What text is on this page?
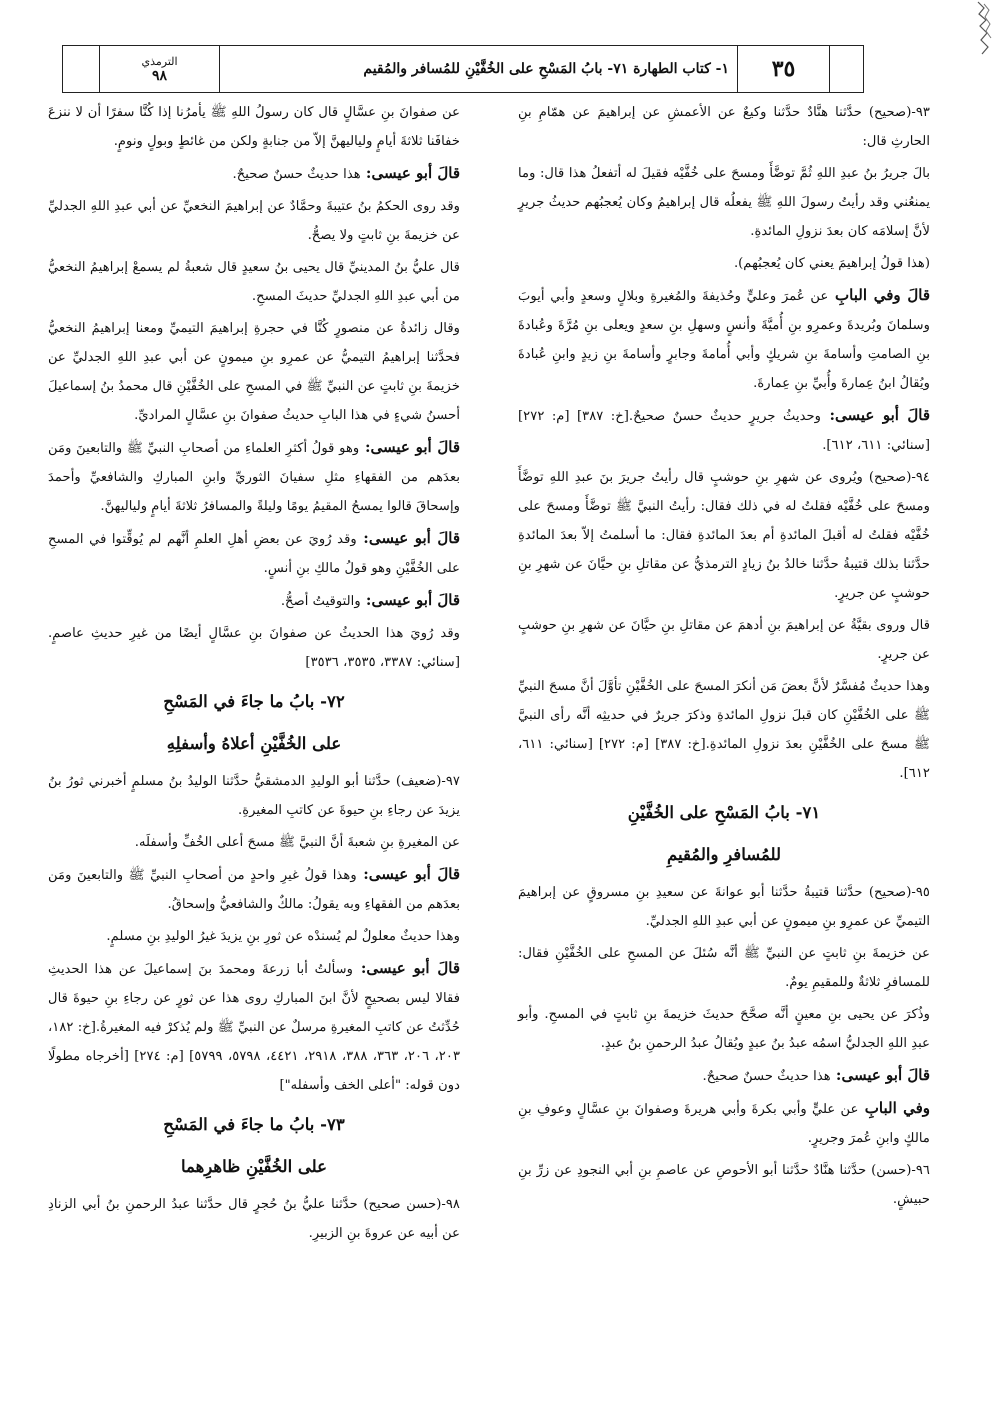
٣٥
١- كتاب الطهارة ٧١- بابُ المَسْحِ على الخُفَّيْنِ للمُسافر والمُقيم
الترمذي
٩٨

٩٣-(صحيح) حدَّثنا هنَّادٌ حدَّثنا وكيعٌ عن الأعمشِ عن إبراهيمَ عن همّامِ بنِ الحارثِ قال:

بالَ جريرُ بنُ عبدِ اللهِ ثُمَّ توضَّأَ ومسحَ على خُفَّيْه فقيلَ له أتفعلُ هذا قال: وما يمنعُني وقد رأيتُ رسولَ اللهِ ﷺ يفعلُه قال إبراهيمُ وكان يُعجبُهم حديثُ جريرٍ لأنَّ إسلامَه كان بعدَ نزولِ المائدةِ.

(هذا قولُ إبراهيمَ يعني كان يُعجبُهم).

قالَ وفي البابِ عن عُمرَ وعليٍّ وحُذيفةَ والمُغيرةِ وبلالٍ وسعدٍ وأبي أيوبَ وسلمانَ وبُريدةَ وعمرِو بنِ أُميَّةَ وأنسٍ وسهلِ بنِ سعدٍ ويعلى بنِ مُرَّةَ وعُبادةَ بنِ الصامتِ وأسامةَ بنِ شريكٍ وأبي أُمامةَ وجابرٍ وأسامةَ بنِ زيدٍ وابنِ عُبادةَ ويُقالُ ابنُ عِمارةَ وأُبيِّ بنِ عِمارةَ.

قالَ أبو عيسى: وحديثُ جريرٍ حديثٌ حسنٌ صحيحٌ.[خ: ٣٨٧] [م: ٢٧٢] [سنائي: ٦١١، ٦١٢].

٩٤-(صحيح) ويُروى عن شهرِ بنِ حوشبٍ قال رأيتُ جريرَ بنَ عبدِ اللهِ توضَّأَ ومسحَ على خُفَّيْه فقلتُ له في ذلك فقال: رأيتُ النبيَّ ﷺ توضَّأَ ومسحَ على خُفَّيْه فقلتُ له أقبلَ المائدةِ أم بعدَ المائدةِ فقال: ما أسلمتُ إلاّ بعدَ المائدةِ حدَّثنا بذلك قتيبةُ حدَّثنا خالدُ بنُ زيادٍ الترمذيُّ عن مقاتلِ بنِ حيَّانَ عن شهرِ بنِ حوشبٍ عن جريرٍ.

قال وروى بقيَّةُ عن إبراهيمَ بنِ أدهمَ عن مقاتلِ بنِ حيَّانَ عن شهرِ بنِ حوشبٍ عن جريرٍ.

وهذا حديثٌ مُفسَّرٌ لأنَّ بعضَ مَن أنكرَ المسحَ على الخُفَّيْنِ تأوَّلَ أنَّ مسحَ النبيِّ ﷺ على الخُفَّيْنِ كان قبلَ نزولِ المائدةِ وذكرَ جريرٌ في حديثِه أنَّه رأى النبيَّ ﷺ مسحَ على الخُفَّيْنِ بعدَ نزولِ المائدةِ.[خ: ٣٨٧] [م: ٢٧٢] [سنائي: ٦١١، ٦١٢].

٧١- بابُ المَسْحِ على الخُفَّيْنِ
للمُسافرِ والمُقيمِ

٩٥-(صحيح) حدَّثنا قتيبةُ حدَّثنا أبو عوانةَ عن سعيدِ بنِ مسروقٍ عن إبراهيمَ التيميِّ عن عمرِو بنِ ميمونٍ عن أبي عبدِ اللهِ الجدليِّ.

عن خزيمةَ بنِ ثابتٍ عن النبيِّ ﷺ أنَّه سُئلَ عن المسحِ على الخُفَّيْنِ فقال: للمسافرِ ثلاثةٌ وللمقيمِ يومٌ.

وذُكرَ عن يحيى بنِ معينٍ أنَّه صحَّحَ حديثَ خزيمةَ بنِ ثابتٍ في المسحِ. وأبو عبدِ اللهِ الجدليُّ اسمُه عبدُ بنُ عبدٍ ويُقالُ عبدُ الرحمنِ بنُ عبدٍ.

قالَ أبو عيسى: هذا حديثٌ حسنٌ صحيحٌ.

وفي البابِ عن عليٍّ وأبي بكرةَ وأبي هريرةَ وصفوانَ بنِ عسَّالٍ وعوفِ بنِ مالكٍ وابنِ عُمرَ وجريرٍ.

٩٦-(حسن) حدَّثنا هنَّادٌ حدَّثنا أبو الأحوصِ عن عاصمِ بنِ أبي النجودِ عن زرِّ بنِ حبيشٍ.

عن صفوانَ بنِ عسَّالٍ قال كان رسولُ اللهِ ﷺ يأمرُنا إذا كُنَّا سفرًا أن لا ننزعَ خفافَنا ثلاثةَ أيامٍ ولياليهنَّ إلاّ من جنابةٍ ولكن من غائطٍ وبولٍ ونومٍ.

قالَ أبو عيسى: هذا حديثٌ حسنٌ صحيحٌ.

وقد روى الحكمُ بنُ عتيبةَ وحمَّادٌ عن إبراهيمَ النخعيِّ عن أبي عبدِ اللهِ الجدليِّ عن خزيمةَ بنِ ثابتٍ ولا يصحُّ.

قال عليُّ بنُ المدينيِّ قال يحيى بنُ سعيدٍ قال شعبةُ لم يسمعْ إبراهيمُ النخعيُّ من أبي عبدِ اللهِ الجدليِّ حديثَ المسحِ.

وقال زائدةُ عن منصورٍ كُنَّا في حجرةِ إبراهيمَ التيميِّ ومعنا إبراهيمُ النخعيُّ فحدَّثنا إبراهيمُ التيميُّ عن عمرِو بنِ ميمونٍ عن أبي عبدِ اللهِ الجدليِّ عن خزيمةَ بنِ ثابتٍ عن النبيِّ ﷺ في المسحِ على الخُفَّيْنِ قال محمدُ بنُ إسماعيلَ أحسنُ شيءٍ في هذا البابِ حديثُ صفوانَ بنِ عسَّالٍ المراديِّ.

قالَ أبو عيسى: وهو قولُ أكثرِ العلماءِ من أصحابِ النبيِّ ﷺ والتابعينَ ومَن بعدَهم من الفقهاءِ مثلِ سفيانَ الثوريِّ وابنِ المباركِ والشافعيِّ وأحمدَ وإسحاقَ قالوا يمسحُ المقيمُ يومًا وليلةً والمسافرُ ثلاثةَ أيامٍ ولياليهنَّ.

قالَ أبو عيسى: وقد رُويَ عن بعضِ أهلِ العلمِ أنَّهم لم يُوقِّتوا في المسحِ على الخُفَّيْنِ وهو قولُ مالكِ بنِ أنسٍ.

قالَ أبو عيسى: والتوقيتُ أصحُّ.

وقد رُويَ هذا الحديثُ عن صفوانَ بنِ عسَّالٍ أيضًا من غيرِ حديثِ عاصمٍ. [سنائي: ٣٣٨٧، ٣٥٣٥، ٣٥٣٦]

٧٢- بابُ ما جاءَ في المَسْحِ
على الخُفَّيْنِ أعلاهُ وأسفلِهِ

٩٧-(ضعيف) حدَّثنا أبو الوليدِ الدمشقيُّ حدَّثنا الوليدُ بنُ مسلمٍ أخبرني ثورُ بنُ يزيدَ عن رجاءِ بنِ حيوةَ عن كاتبِ المغيرةِ.

عن المغيرةِ بنِ شعبةَ أنَّ النبيَّ ﷺ مسحَ أعلى الخُفِّ وأسفلَه.

قالَ أبو عيسى: وهذا قولُ غيرِ واحدٍ من أصحابِ النبيِّ ﷺ والتابعينَ ومَن بعدَهم من الفقهاءِ وبه يقولُ: مالكٌ والشافعيُّ وإسحاقُ.

وهذا حديثٌ معلولٌ لم يُسندْه عن ثورِ بنِ يزيدَ غيرُ الوليدِ بنِ مسلمٍ.

قالَ أبو عيسى: وسألتُ أبا زرعةَ ومحمدَ بنَ إسماعيلَ عن هذا الحديثِ فقالا ليس بصحيحٍ لأنَّ ابنَ المباركِ روى هذا عن ثورٍ عن رجاءِ بنِ حيوةَ قال حُدِّثتُ عن كاتبِ المغيرةِ مرسلٌ عن النبيِّ ﷺ ولم يُذكرْ فيه المغيرةُ.[خ: ١٨٢، ٢٠٣، ٢٠٦، ٣٦٣، ٣٨٨، ٢٩١٨، ٤٤٢١، ٥٧٩٨، ٥٧٩٩] [م: ٢٧٤] [أخرجاه مطولًا دون قوله: "أعلى الخف وأسفله"]

٧٣- بابُ ما جاءَ في المَسْحِ
على الخُفَّيْنِ ظاهرِهما

٩٨-(حسن صحيح) حدَّثنا عليُّ بنُ حُجرٍ قال حدَّثنا عبدُ الرحمنِ بنُ أبي الزنادِ عن أبيه عن عروةَ بنِ الزبيرِ.
